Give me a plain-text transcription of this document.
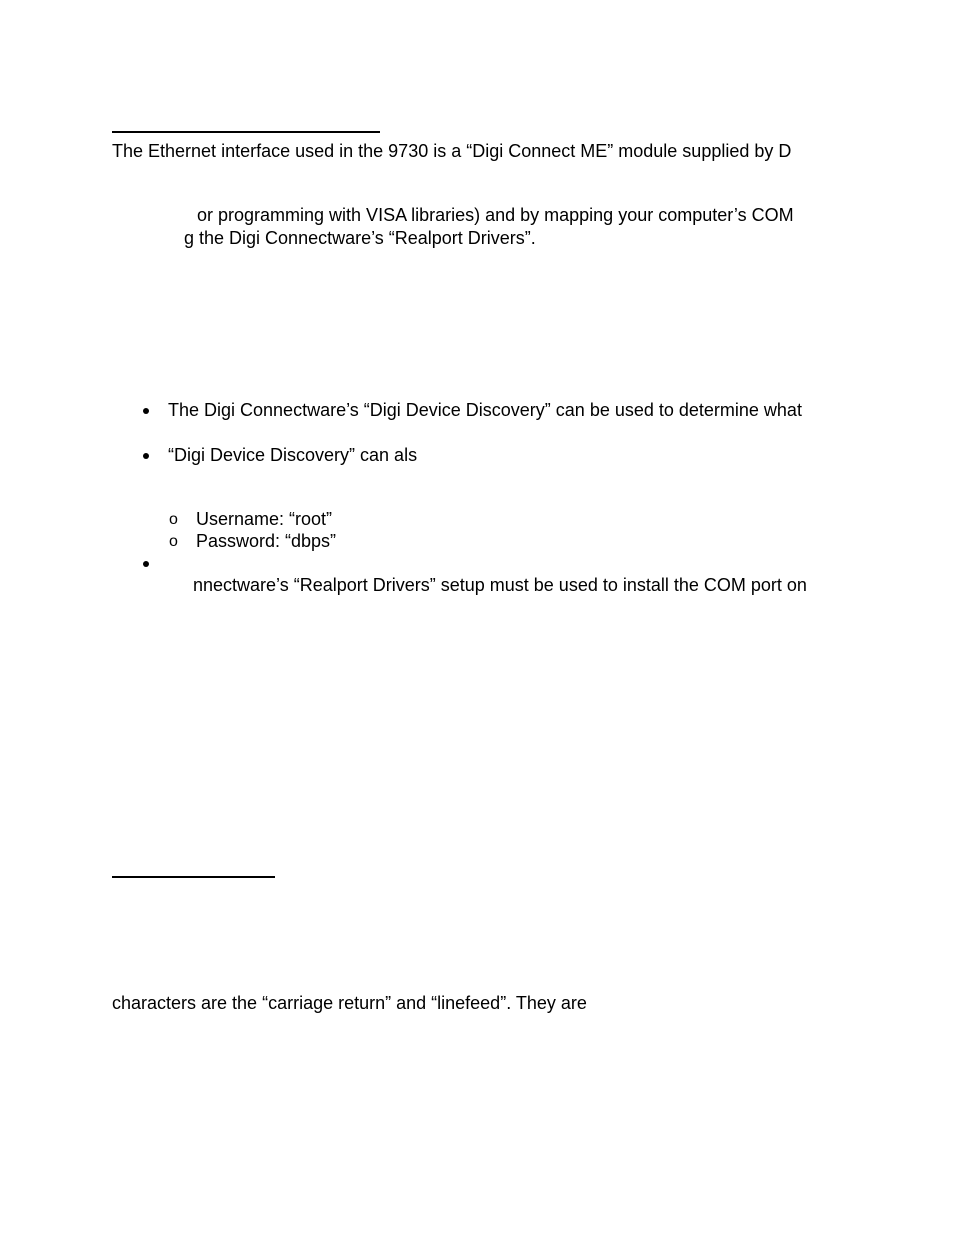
The Ethernet interface used in the 9730 is a “Digi Connect ME” module supplied by D
or programming with VISA libraries) and by mapping your computer’s COM
g the Digi Connectware’s “Realport Drivers”.
The Digi Connectware’s “Digi Device Discovery” can be used to determine what
“Digi Device Discovery” can als
o Username: “root”
o Password: “dbps”
nnectware’s “Realport Drivers” setup must be used to install the COM port on
characters are the “carriage return” and “linefeed”. They are
